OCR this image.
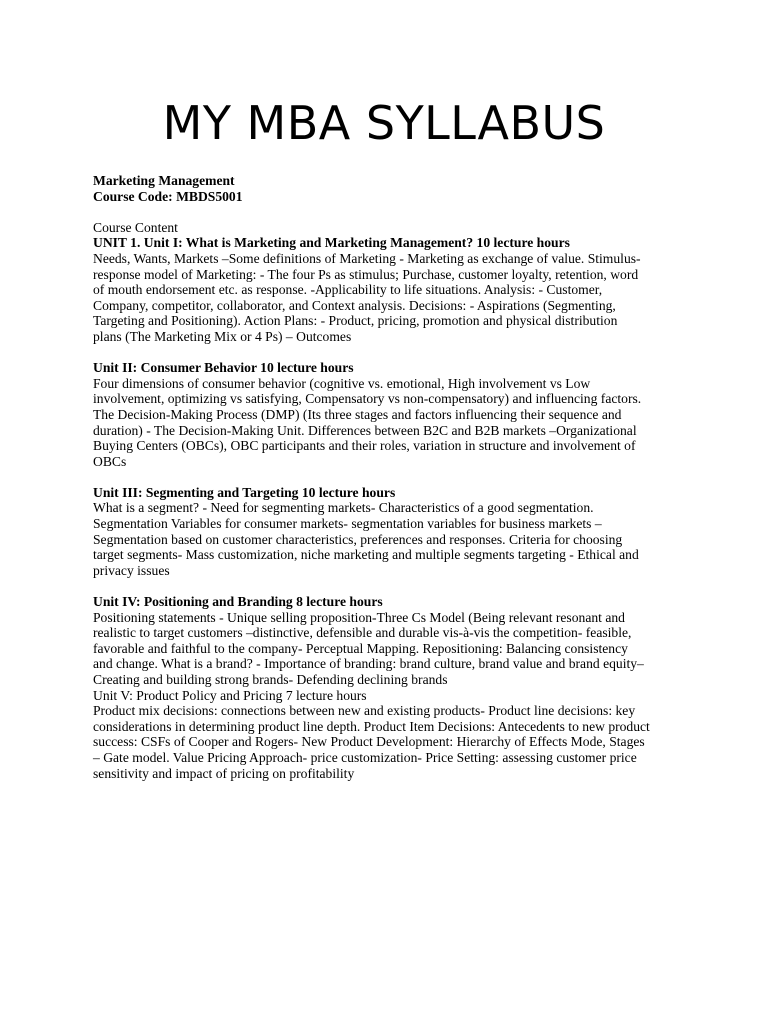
MY MBA SYLLABUS
Marketing Management
Course Code: MBDS5001
Course Content
UNIT 1. Unit I: What is Marketing and Marketing Management? 10 lecture hours
Needs, Wants, Markets –Some definitions of Marketing - Marketing as exchange of value. Stimulus-
response model of Marketing: - The four Ps as stimulus; Purchase, customer loyalty, retention, word
of mouth endorsement etc. as response. -Applicability to life situations. Analysis: - Customer,
Company, competitor, collaborator, and Context analysis. Decisions: - Aspirations (Segmenting,
Targeting and Positioning). Action Plans: - Product, pricing, promotion and physical distribution
plans (The Marketing Mix or 4 Ps) – Outcomes
Unit II: Consumer Behavior 10 lecture hours
Four dimensions of consumer behavior (cognitive vs. emotional, High involvement vs Low
involvement, optimizing vs satisfying, Compensatory vs non-compensatory) and influencing factors.
The Decision-Making Process (DMP) (Its three stages and factors influencing their sequence and
duration) - The Decision-Making Unit. Differences between B2C and B2B markets –Organizational
Buying Centers (OBCs), OBC participants and their roles, variation in structure and involvement of
OBCs
Unit III: Segmenting and Targeting 10 lecture hours
What is a segment? - Need for segmenting markets- Characteristics of a good segmentation.
Segmentation Variables for consumer markets- segmentation variables for business markets –
Segmentation based on customer characteristics, preferences and responses. Criteria for choosing
target segments- Mass customization, niche marketing and multiple segments targeting - Ethical and
privacy issues
Unit IV: Positioning and Branding 8 lecture hours
Positioning statements - Unique selling proposition-Three Cs Model (Being relevant resonant and
realistic to target customers –distinctive, defensible and durable vis-à-vis the competition- feasible,
favorable and faithful to the company- Perceptual Mapping. Repositioning: Balancing consistency
and change. What is a brand? - Importance of branding: brand culture, brand value and brand equity–
Creating and building strong brands- Defending declining brands
Unit V: Product Policy and Pricing 7 lecture hours
Product mix decisions: connections between new and existing products- Product line decisions: key
considerations in determining product line depth. Product Item Decisions: Antecedents to new product
success: CSFs of Cooper and Rogers- New Product Development: Hierarchy of Effects Mode, Stages
– Gate model. Value Pricing Approach- price customization- Price Setting: assessing customer price
sensitivity and impact of pricing on profitability
